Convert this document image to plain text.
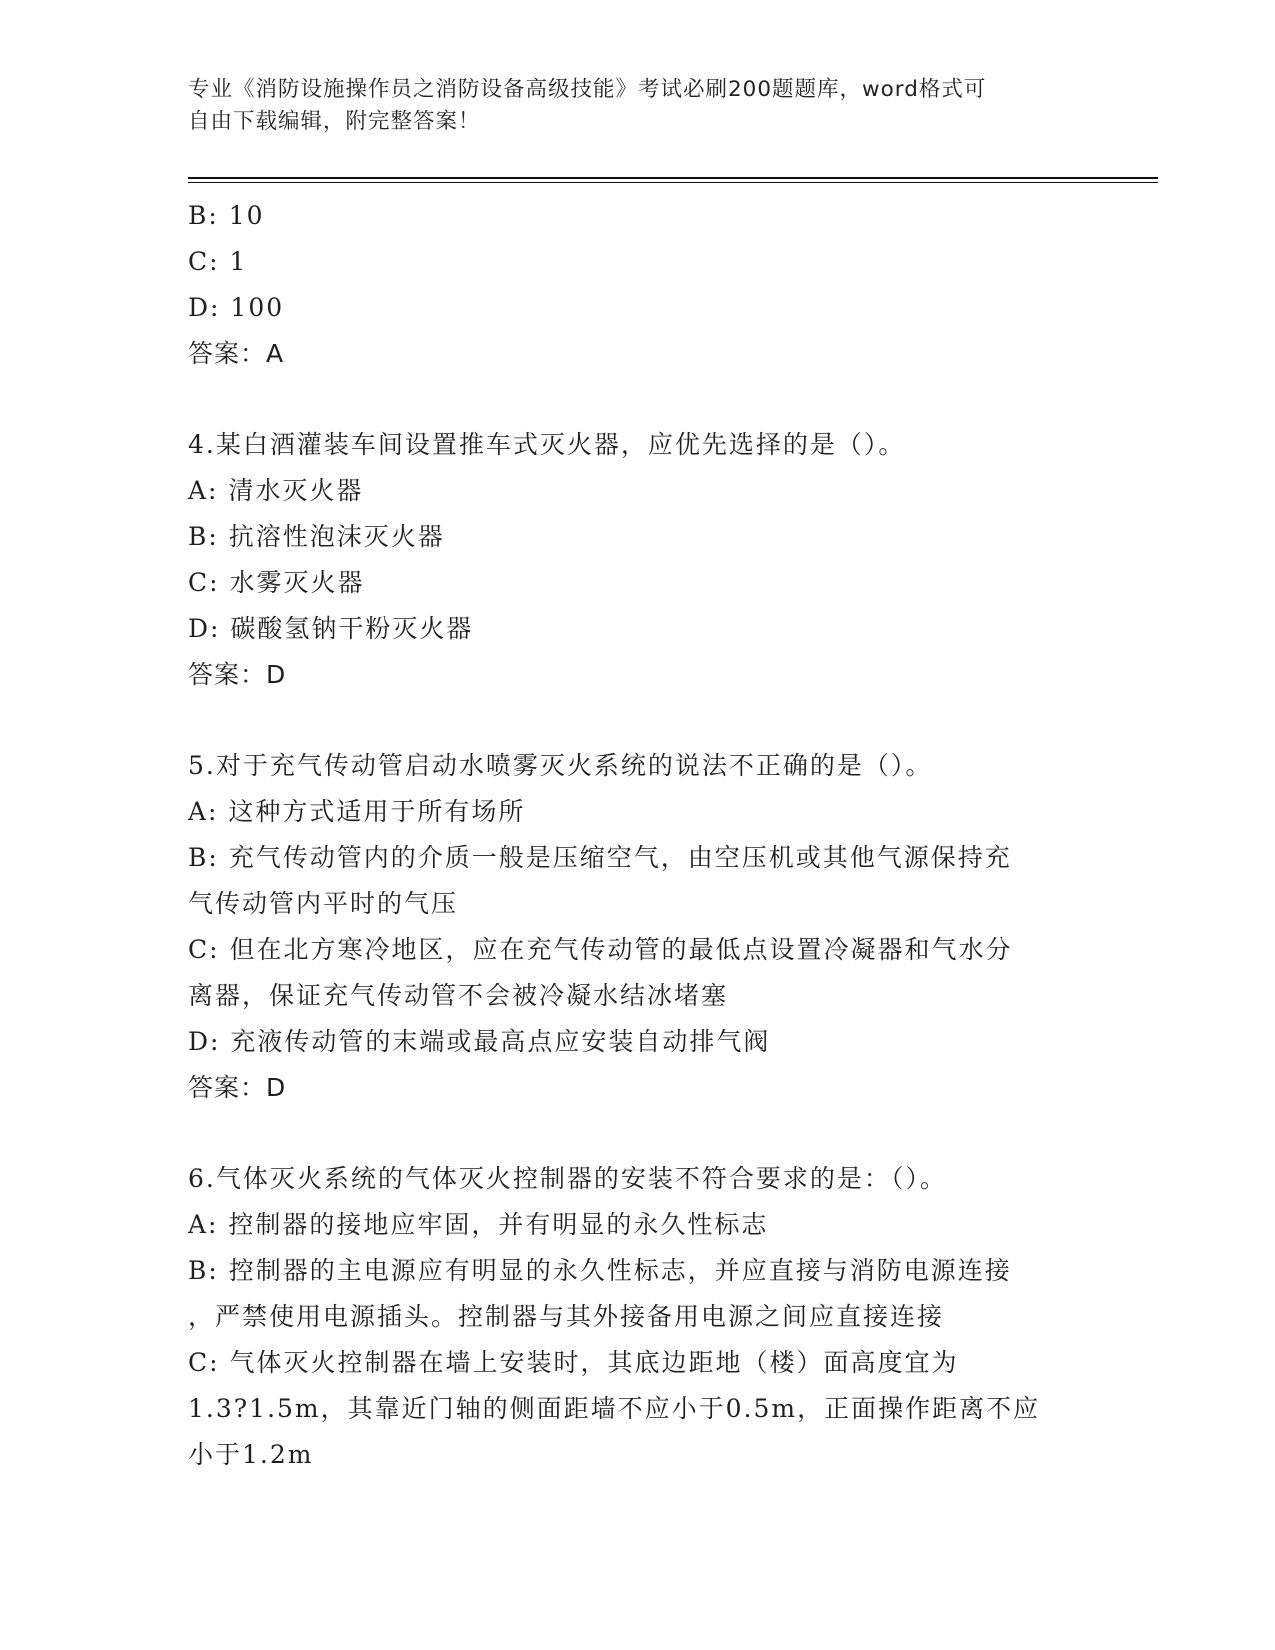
专业《消防设施操作员之消防设备高级技能》考试必刷200题题库，word格式可
自由下载编辑，附完整答案！
B: 10
C: 1
D: 100
答案：A
4.某白酒灌装车间设置推车式灭火器，应优先选择的是（）。
A: 清水灭火器
B: 抗溶性泡沫灭火器
C: 水雾灭火器
D: 碳酸氢钠干粉灭火器
答案：D
5.对于充气传动管启动水喷雾灭火系统的说法不正确的是（）。
A: 这种方式适用于所有场所
B: 充气传动管内的介质一般是压缩空气，由空压机或其他气源保持充
气传动管内平时的气压
C: 但在北方寒冷地区，应在充气传动管的最低点设置冷凝器和气水分
离器，保证充气传动管不会被冷凝水结冰堵塞
D: 充液传动管的末端或最高点应安装自动排气阀
答案：D
6.气体灭火系统的气体灭火控制器的安装不符合要求的是：（）。
A: 控制器的接地应牢固，并有明显的永久性标志
B: 控制器的主电源应有明显的永久性标志，并应直接与消防电源连接
，严禁使用电源插头。控制器与其外接备用电源之间应直接连接
C: 气体灭火控制器在墙上安装时，其底边距地（楼）面高度宜为
1.3?1.5m，其靠近门轴的侧面距墙不应小于0.5m，正面操作距离不应
小于1.2m
